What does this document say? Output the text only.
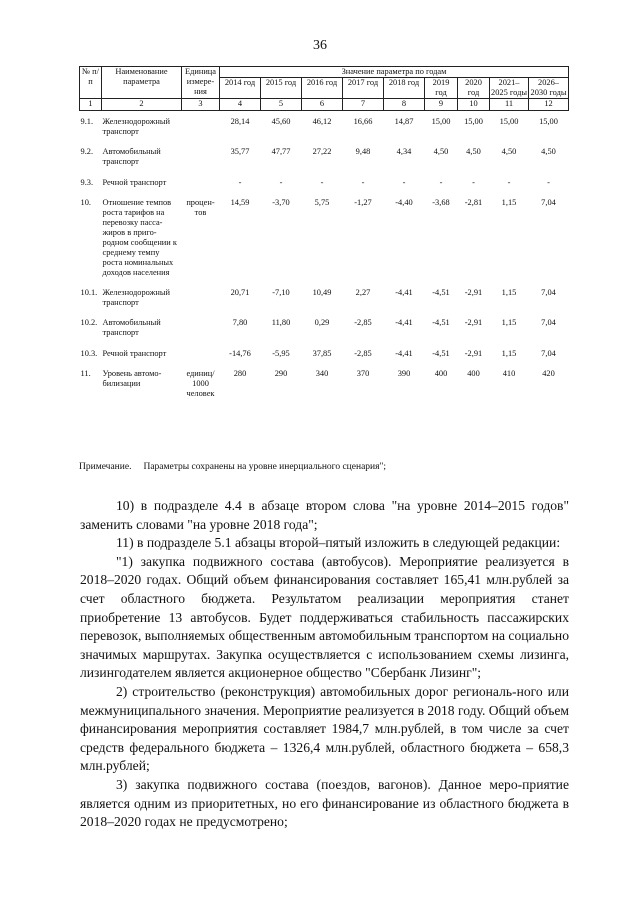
36
№ п/п	Наименование параметра	Единица измере-ния	Значение параметра по годам								
			2014 год	2015 год	2016 год	2017 год	2018 год	2019 год	2020 год	2021–2025 годы	2026–2030 годы
1	2	3	4	5	6	7	8	9	10	11	12
9.1.	Железнодорожный транспорт		28,14	45,60	46,12	16,66	14,87	15,00	15,00	15,00	15,00
9.2.	Автомобильный транспорт		35,77	47,77	27,22	9,48	4,34	4,50	4,50	4,50	4,50
9.3.	Речной транспорт		-	-	-	-	-	-	-	-	-
10.	Отношение темпов роста тарифов на перевозку пасса-жиров в приго-родном сообщении к среднему темпу роста номинальных доходов населения	процен-тов	14,59	-3,70	5,75	-1,27	-4,40	-3,68	-2,81	1,15	7,04
10.1.	Железнодорожный транспорт		20,71	-7,10	10,49	2,27	-4,41	-4,51	-2,91	1,15	7,04
10.2.	Автомобильный транспорт		7,80	11,80	0,29	-2,85	-4,41	-4,51	-2,91	1,15	7,04
10.3.	Речной транспорт		-14,76	-5,95	37,85	-2,85	-4,41	-4,51	-2,91	1,15	7,04
11.	Уровень автомо-билизации	единиц/ 1000 человек	280	290	340	370	390	400	400	410	420
Примечание. Параметры сохранены на уровне инерциального сценария";

10) в подразделе 4.4 в абзаце втором слова "на уровне 2014–2015 годов" заменить словами "на уровне 2018 года";

11) в подразделе 5.1 абзацы второй–пятый изложить в следующей редакции:

"1) закупка подвижного состава (автобусов). Мероприятие реализуется в 2018–2020 годах. Общий объем финансирования составляет 165,41 млн.рублей за счет областного бюджета. Результатом реализации мероприятия станет приобретение 13 автобусов. Будет поддерживаться стабильность пассажирских перевозок, выполняемых общественным автомобильным транспортом на социально значимых маршрутах. Закупка осуществляется с использованием схемы лизинга, лизингодателем является акционерное общество "Сбербанк Лизинг";

2) строительство (реконструкция) автомобильных дорог региональ-ного или межмуниципального значения. Мероприятие реализуется в 2018 году. Общий объем финансирования мероприятия составляет 1984,7 млн.рублей, в том числе за счет средств федерального бюджета – 1326,4 млн.рублей, областного бюджета – 658,3 млн.рублей;

3) закупка подвижного состава (поездов, вагонов). Данное меро-приятие является одним из приоритетных, но его финансирование из областного бюджета в 2018–2020 годах не предусмотрено;
